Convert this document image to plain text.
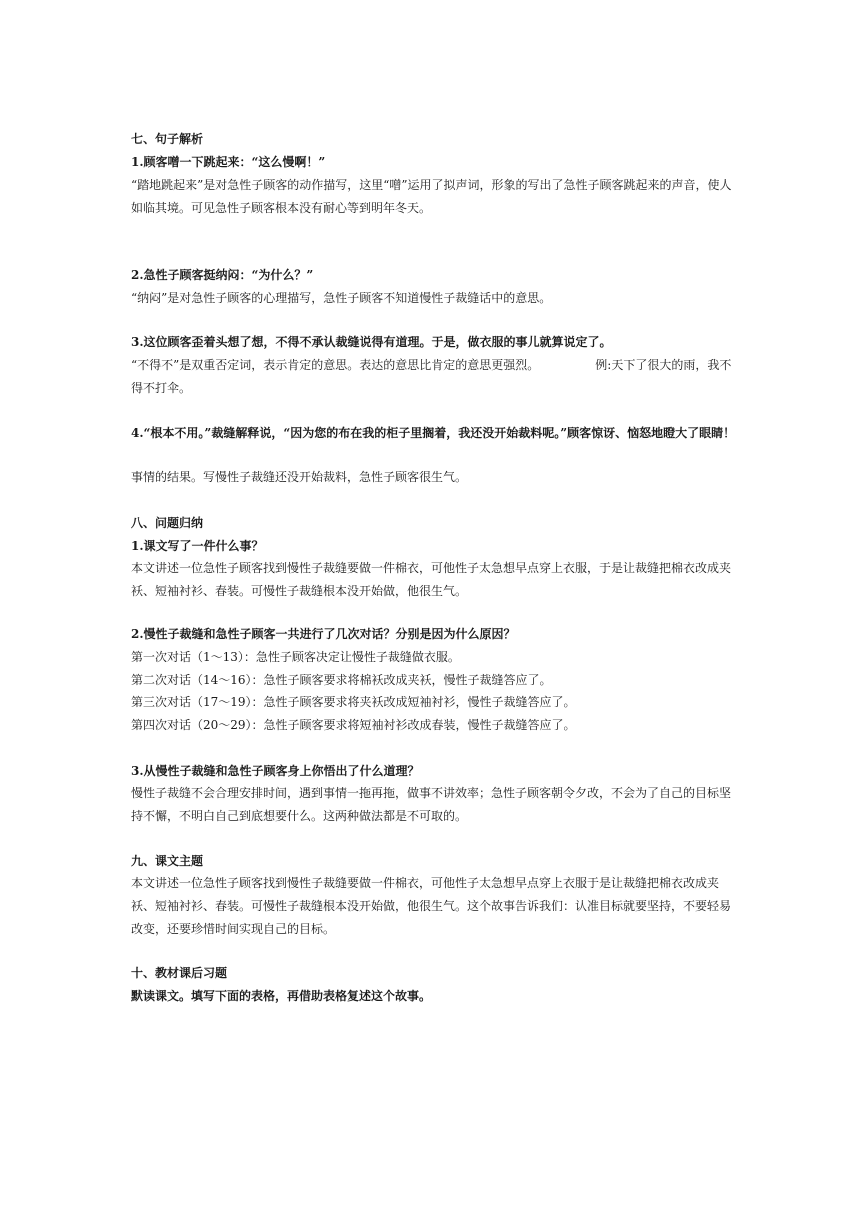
七、句子解析

1.顾客噌一下跳起来：“这么慢啊！”

“踏地跳起来”是对急性子顾客的动作描写，这里“噌”运用了拟声词，形象的写出了急性子顾客跳起来的声音，使人如临其境。可见急性子顾客根本没有耐心等到明年冬天。

2.急性子顾客挺纳闷：“为什么？”

“纳闷”是对急性子顾客的心理描写，急性子顾客不知道慢性子裁缝话中的意思。

3.这位顾客歪着头想了想，不得不承认裁缝说得有道理。于是，做衣服的事儿就算说定了。

“不得不”是双重否定词，表示肯定的意思。表达的意思比肯定的意思更强烈。	例:天下了很大的雨，我不得不打伞。

4.“根本不用。”裁缝解释说，“因为您的布在我的柜子里搁着，我还没开始裁料呢。”顾客惊讶、恼怒地瞪大了眼睛！

事情的结果。写慢性子裁缝还没开始裁料，急性子顾客很生气。

八、问题归纳

1.课文写了一件什么事？

本文讲述一位急性子顾客找到慢性子裁缝要做一件棉衣，可他性子太急想早点穿上衣服，于是让裁缝把棉衣改成夹袄、短袖衬衫、春装。可慢性子裁缝根本没开始做，他很生气。

2.慢性子裁缝和急性子顾客一共进行了几次对话？分别是因为什么原因？

第一次对话（1～13）：急性子顾客决定让慢性子裁缝做衣服。

第二次对话（14～16）：急性子顾客要求将棉袄改成夹袄，慢性子裁缝答应了。

第三次对话（17～19）：急性子顾客要求将夹袄改成短袖衬衫，慢性子裁缝答应了。

第四次对话（20～29）：急性子顾客要求将短袖衬衫改成春装，慢性子裁缝答应了。

3.从慢性子裁缝和急性子顾客身上你悟出了什么道理？

慢性子裁缝不会合理安排时间，遇到事情一拖再拖，做事不讲效率；急性子顾客朝令夕改，不会为了自己的目标坚持不懈，不明白自己到底想要什么。这两种做法都是不可取的。

九、课文主题

本文讲述一位急性子顾客找到慢性子裁缝要做一件棉衣，可他性子太急想早点穿上衣服于是让裁缝把棉衣改成夹袄、短袖衬衫、春装。可慢性子裁缝根本没开始做，他很生气。这个故事告诉我们：认准目标就要坚持，不要轻易改变，还要珍惜时间实现自己的目标。

十、教材课后习题

默读课文。填写下面的表格，再借助表格复述这个故事。
